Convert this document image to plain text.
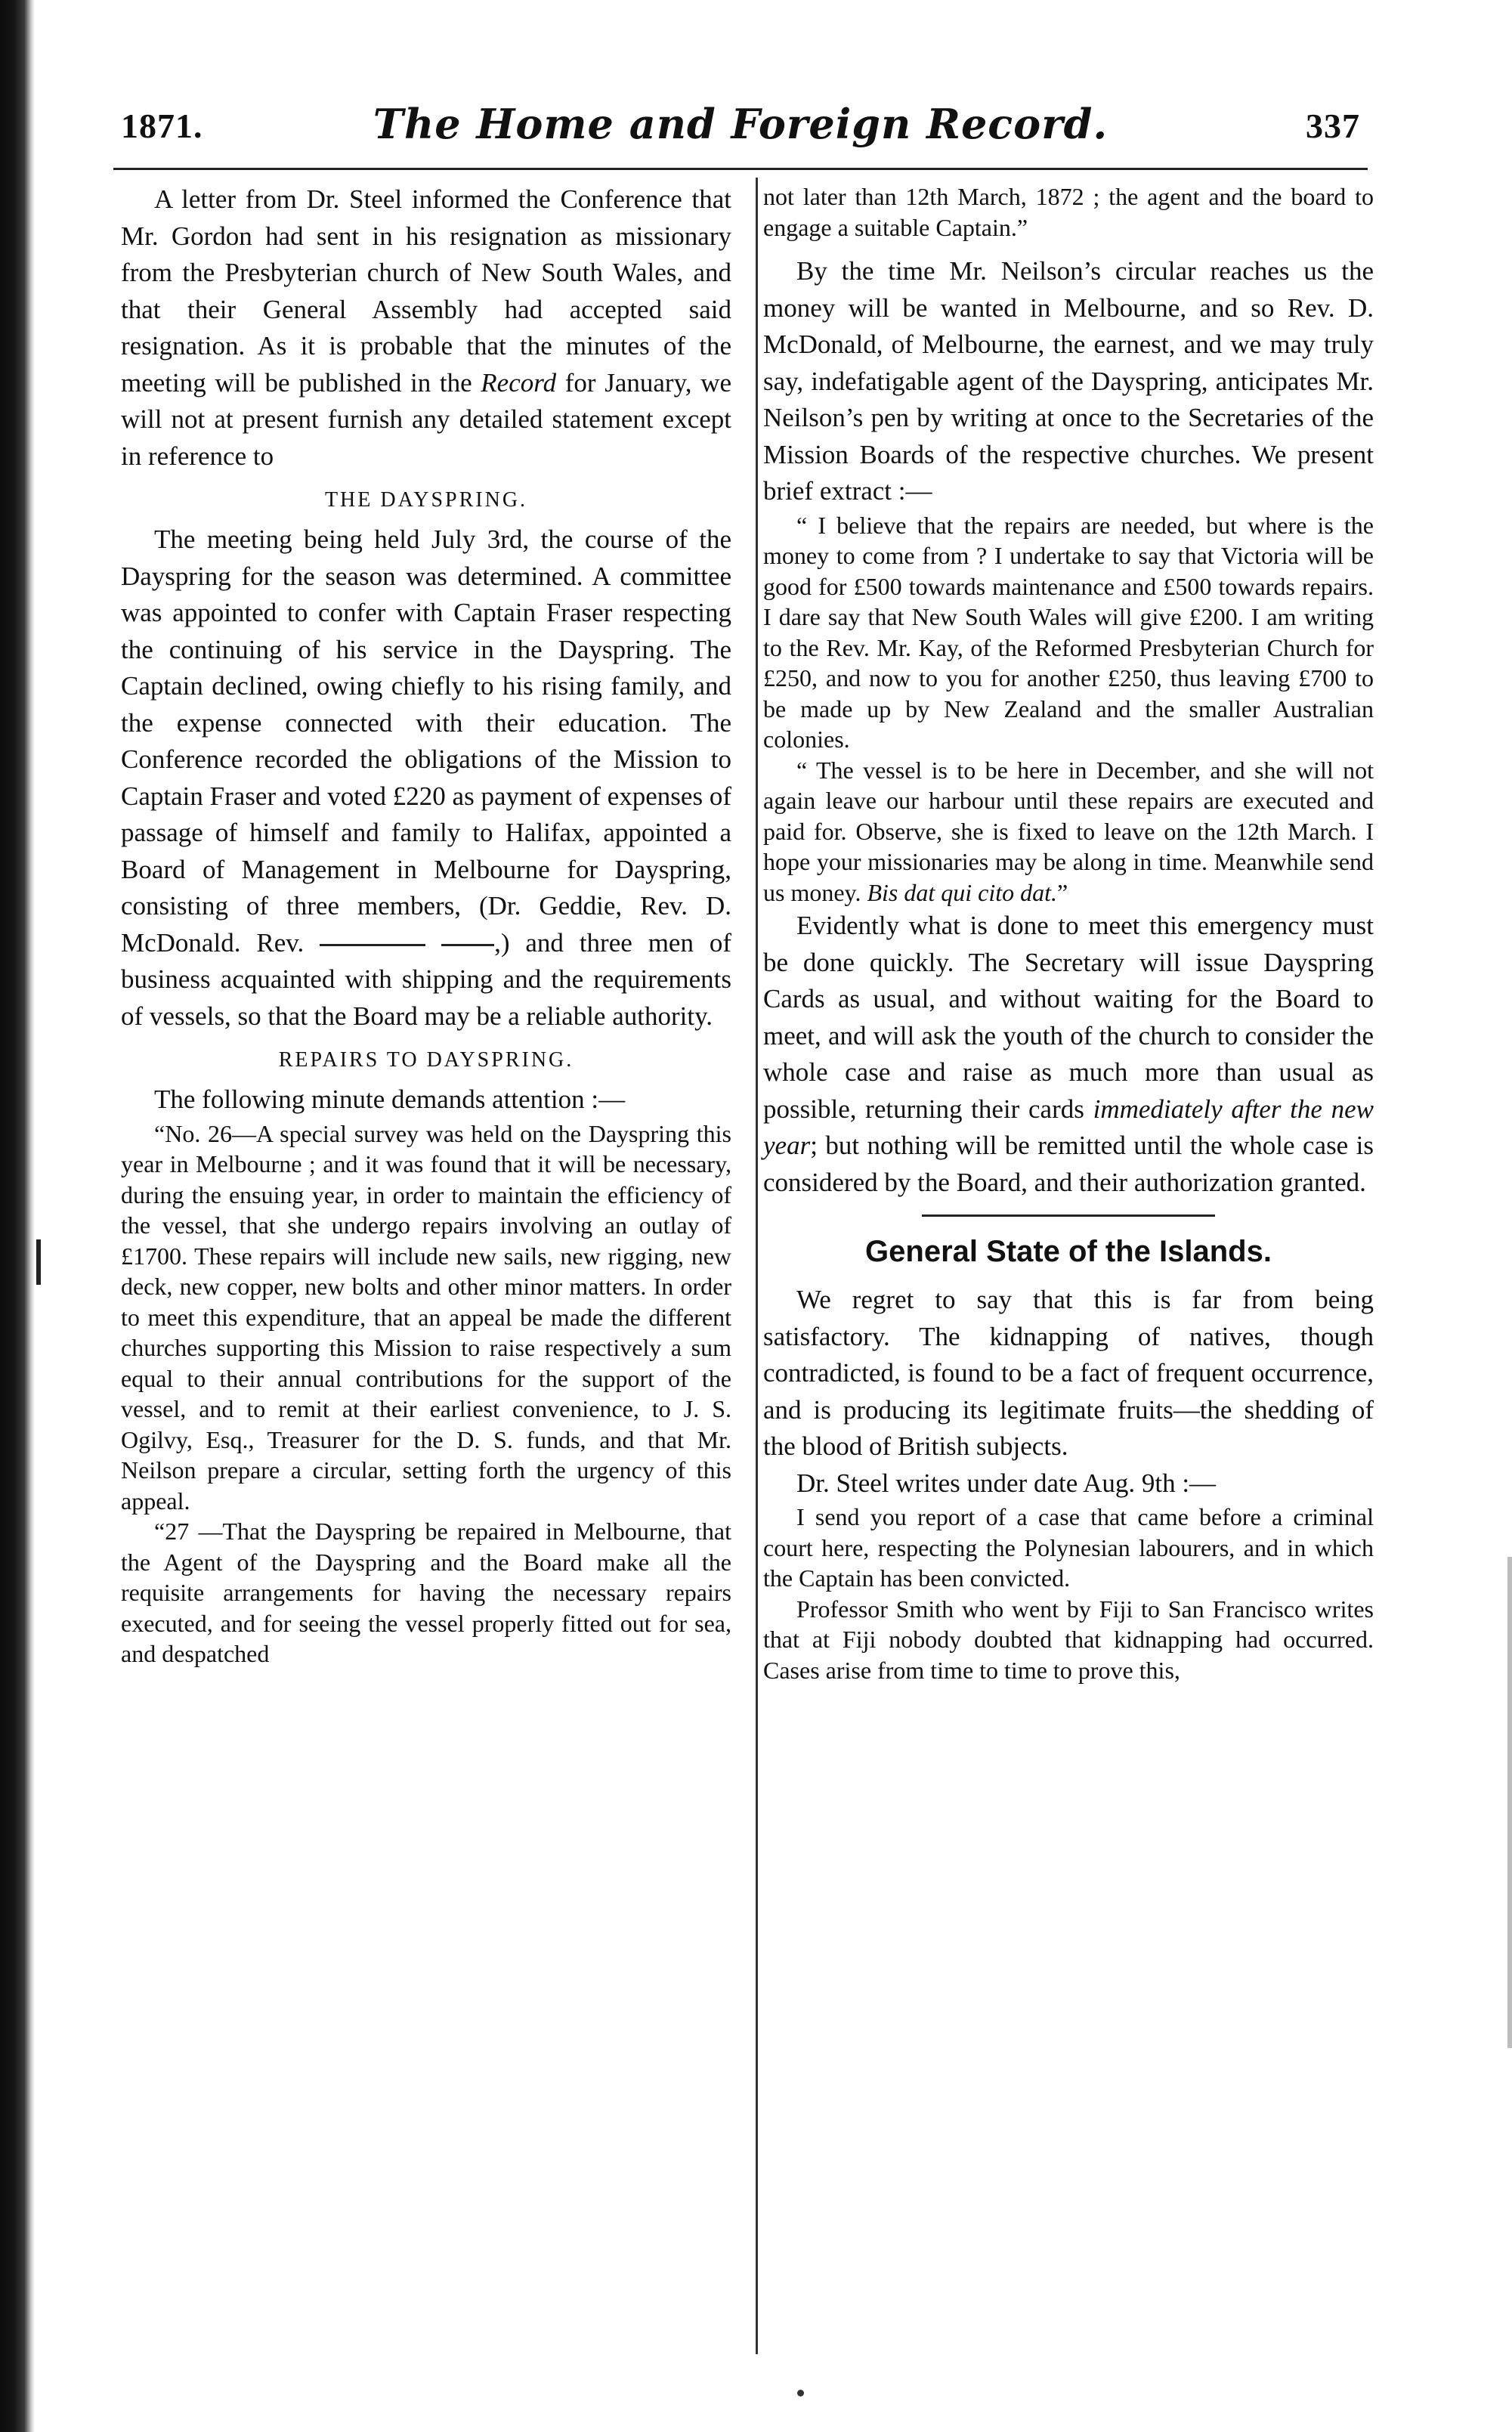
1871.	The Home and Foreign Record.	337

A letter from Dr. Steel informed the Conference that Mr. Gordon had sent in his resignation as missionary from the Presbyterian church of New South Wales, and that their General Assembly had accepted said resignation. As it is probable that the minutes of the meeting will be published in the Record for January, we will not at present furnish any detailed statement except in reference to

THE DAYSPRING.

The meeting being held July 3rd, the course of the Dayspring for the season was determined. A committee was appointed to confer with Captain Fraser respecting the continuing of his service in the Dayspring. The Captain declined, owing chiefly to his rising family, and the expense connected with their education. The Conference recorded the obligations of the Mission to Captain Fraser and voted £220 as payment of expenses of passage of himself and family to Halifax, appointed a Board of Management in Melbourne for Dayspring, consisting of three members, (Dr. Geddie, Rev. D. McDonald. Rev.	,) and three men of business acquainted with shipping and the requirements of vessels, so that the Board may be a reliable authority.

REPAIRS TO DAYSPRING.

The following minute demands attention :—

“No. 26—A special survey was held on the Dayspring this year in Melbourne ; and it was found that it will be necessary, during the ensuing year, in order to maintain the efficiency of the vessel, that she undergo repairs involving an outlay of £1700. These repairs will include new sails, new rigging, new deck, new copper, new bolts and other minor matters. In order to meet this expenditure, that an appeal be made the different churches supporting this Mission to raise respectively a sum equal to their annual contributions for the support of the vessel, and to remit at their earliest convenience, to J. S. Ogilvy, Esq., Treasurer for the D. S. funds, and that Mr. Neilson prepare a circular, setting forth the urgency of this appeal.

“27 —That the Dayspring be repaired in Melbourne, that the Agent of the Dayspring and the Board make all the requisite arrangements for having the necessary repairs executed, and for seeing the vessel properly fitted out for sea, and despatched

not later than 12th March, 1872 ; the agent and the board to engage a suitable Captain.”

By the time Mr. Neilson’s circular reaches us the money will be wanted in Melbourne, and so Rev. D. McDonald, of Melbourne, the earnest, and we may truly say, indefatigable agent of the Dayspring, anticipates Mr. Neilson’s pen by writing at once to the Secretaries of the Mission Boards of the respective churches. We present brief extract :—

“ I believe that the repairs are needed, but where is the money to come from ? I undertake to say that Victoria will be good for £500 towards maintenance and £500 towards repairs. I dare say that New South Wales will give £200. I am writing to the Rev. Mr. Kay, of the Reformed Presbyterian Church for £250, and now to you for another £250, thus leaving £700 to be made up by New Zealand and the smaller Australian colonies.

“ The vessel is to be here in December, and she will not again leave our harbour until these repairs are executed and paid for. Observe, she is fixed to leave on the 12th March. I hope your missionaries may be along in time. Meanwhile send us money. Bis dat qui cito dat.”

Evidently what is done to meet this emergency must be done quickly. The Secretary will issue Dayspring Cards as usual, and without waiting for the Board to meet, and will ask the youth of the church to consider the whole case and raise as much more than usual as possible, returning their cards immediately after the new year; but nothing will be remitted until the whole case is considered by the Board, and their authorization granted.

General State of the Islands.

We regret to say that this is far from being satisfactory. The kidnapping of natives, though contradicted, is found to be a fact of frequent occurrence, and is producing its legitimate fruits—the shedding of the blood of British subjects.

Dr. Steel writes under date Aug. 9th :—

I send you report of a case that came before a criminal court here, respecting the Polynesian labourers, and in which the Captain has been convicted.

Professor Smith who went by Fiji to San Francisco writes that at Fiji nobody doubted that kidnapping had occurred. Cases arise from time to time to prove this,
